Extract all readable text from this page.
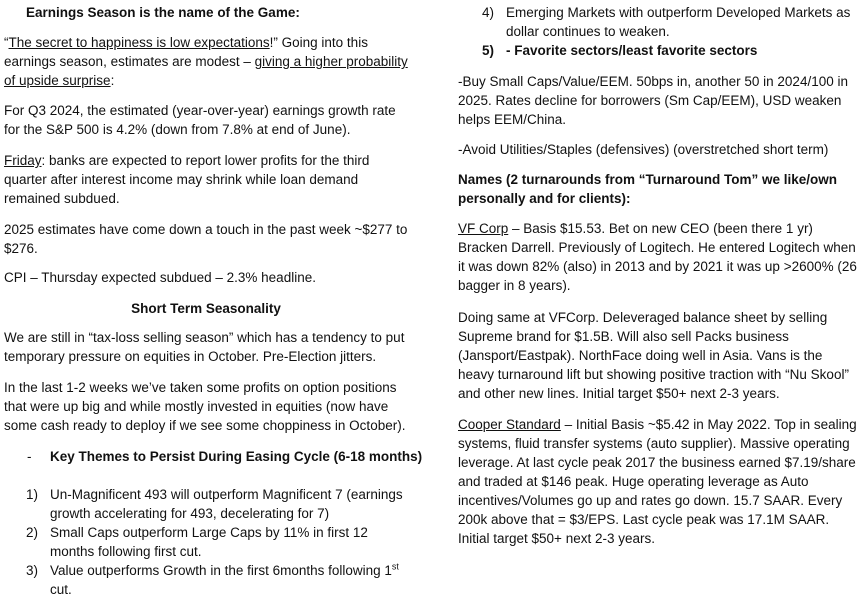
Earnings Season is the name of the Game:

“The secret to happiness is low expectations!” Going into this earnings season, estimates are modest – giving a higher probability of upside surprise:

For Q3 2024, the estimated (year-over-year) earnings growth rate for the S&P 500 is 4.2% (down from 7.8% at end of June).

Friday: banks are expected to report lower profits for the third quarter after interest income may shrink while loan demand remained subdued.

2025 estimates have come down a touch in the past week ~$277 to $276.

CPI – Thursday expected subdued – 2.3% headline.

Short Term Seasonality

We are still in “tax-loss selling season” which has a tendency to put temporary pressure on equities in October. Pre-Election jitters.

In the last 1-2 weeks we’ve taken some profits on option positions that were up big and while mostly invested in equities (now have some cash ready to deploy if we see some choppiness in October).

- Key Themes to Persist During Easing Cycle (6-18 months)
1) Un-Magnificent 493 will outperform Magnificent 7 (earnings growth accelerating for 493, decelerating for 7)
2) Small Caps outperform Large Caps by 11% in first 12 months following first cut.
3) Value outperforms Growth in the first 6months following 1st cut.
4) Emerging Markets with outperform Developed Markets as dollar continues to weaken.
5) - Favorite sectors/least favorite sectors

-Buy Small Caps/Value/EEM. 50bps in, another 50 in 2024/100 in 2025. Rates decline for borrowers (Sm Cap/EEM), USD weaken helps EEM/China.

-Avoid Utilities/Staples (defensives) (overstretched short term)

Names (2 turnarounds from “Turnaround Tom” we like/own personally and for clients):

VF Corp – Basis $15.53. Bet on new CEO (been there 1 yr) Bracken Darrell. Previously of Logitech. He entered Logitech when it was down 82% (also) in 2013 and by 2021 it was up >2600% (26 bagger in 8 years).

Doing same at VFCorp. Deleveraged balance sheet by selling Supreme brand for $1.5B. Will also sell Packs business (Jansport/Eastpak). NorthFace doing well in Asia. Vans is the heavy turnaround lift but showing positive traction with “Nu Skool” and other new lines. Initial target $50+ next 2-3 years.

Cooper Standard – Initial Basis ~$5.42 in May 2022. Top in sealing systems, fluid transfer systems (auto supplier). Massive operating leverage. At last cycle peak 2017 the business earned $7.19/share and traded at $146 peak. Huge operating leverage as Auto incentives/Volumes go up and rates go down. 15.7 SAAR. Every 200k above that = $3/EPS. Last cycle peak was 17.1M SAAR. Initial target $50+ next 2-3 years.
